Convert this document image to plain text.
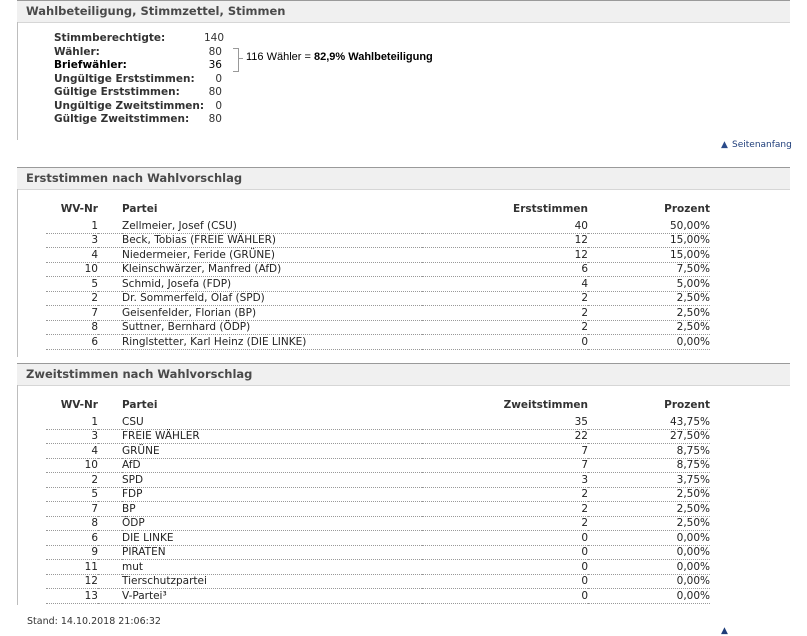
Wahlbeteiligung, Stimmzettel, Stimmen
Stimmberechtigte:	140
Wähler:	80
Briefwähler:	36
Ungültige Erststimmen:	0
Gültige Erststimmen:	80
Ungültige Zweitstimmen:	0
Gültige Zweitstimmen:	80
116 Wähler = 82,9% Wahlbeteiligung
▲ Seitenanfang
Erststimmen nach Wahlvorschlag
WV-Nr		Partei	Erststimmen	Prozent
1		Zellmeier, Josef (CSU)	40	50,00%
3		Beck, Tobias (FREIE WÄHLER)	12	15,00%
4		Niedermeier, Feride (GRÜNE)	12	15,00%
10		Kleinschwärzer, Manfred (AfD)	6	7,50%
5		Schmid, Josefa (FDP)	4	5,00%
2		Dr. Sommerfeld, Olaf (SPD)	2	2,50%
7		Geisenfelder, Florian (BP)	2	2,50%
8		Suttner, Bernhard (ÖDP)	2	2,50%
6		Ringlstetter, Karl Heinz (DIE LINKE)	0	0,00%
Zweitstimmen nach Wahlvorschlag
WV-Nr		Partei	Zweitstimmen	Prozent
1		CSU	35	43,75%
3		FREIE WÄHLER	22	27,50%
4		GRÜNE	7	8,75%
10		AfD	7	8,75%
2		SPD	3	3,75%
5		FDP	2	2,50%
7		BP	2	2,50%
8		ÖDP	2	2,50%
6		DIE LINKE	0	0,00%
9		PIRATEN	0	0,00%
11		mut	0	0,00%
12		Tierschutzpartei	0	0,00%
13		V-Partei³	0	0,00%
Stand: 14.10.2018 21:06:32
▲
